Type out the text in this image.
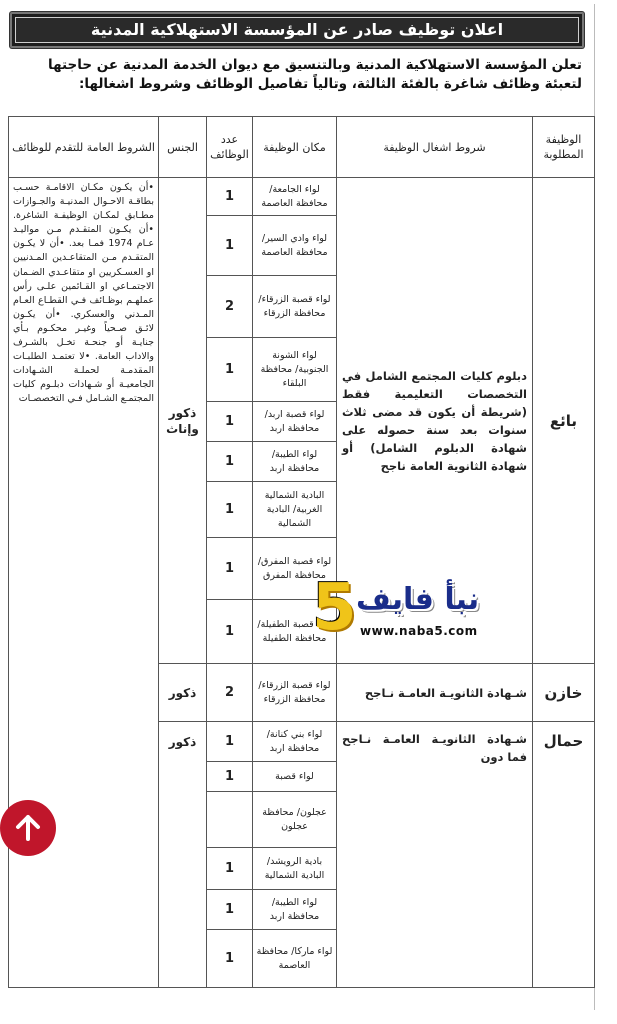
اعلان توظيف صادر عن المؤسسة الاستهلاكية المدنية
تعلن المؤسسة الاستهلاكية المدنية وبالتنسيق مع ديوان الخدمة المدنية عن حاجتها لتعبئة وظائف شاغرة بالفئة الثالثة، وتالياً تفاصيل الوظائف وشروط اشغالها:
الوظيفة المطلوبة	شروط اشغال الوظيفة	مكان الوظيفة	عدد الوظائف	الجنس	الشروط العامة للتقدم للوظائف
بائع	دبلوم كليات المجتمع الشامل في التخصصات التعليمية فقط (شريطة أن يكون قد مضى ثلاث سنوات بعد سنة حصوله على شهادة الدبلوم الشامل) أو شهادة الثانوية العامة ناجح	لواء الجامعة/ محافظة العاصمة	1	ذكور وإناث	•أن يكـون مكـان الاقامـة حسـب بطاقـة الاحـوال المدنيـة والجـوازات مطـابق لمكـان الوظيفـة الشاغرة. •أن يكـون المتقـدم مـن مواليـد عـام 1974 فمـا بعد. •أن لا يكـون المتقـدم مـن المتقاعـدين المـدنيين او العسـكريين او متقاعـدي الضـمان الاجتمـاعي او القـائمين علـى رأس عملهـم بوظـائف فـي القطـاع العـام المـدني والعسكري. •أن يكـون لائـق صـحياً وغيـر محكـوم بـأي جنايـة أو جنحـة تخـل بالشـرف والاداب العامة. •لا تعتمـد الطلبـات المقدمـة لحملـة الشـهادات الجامعيـة أو شـهادات دبلـوم كليات المجتمـع الشـامل فـي التخصصـات
		لواء وادي السير/ محافظة العاصمة	1		
		لواء قصبة الزرقاء/ محافظة الزرقاء	2		
		لواء الشونة الجنوبية/ محافظة البلقاء	1		
		لواء قصبة اربد/ محافظة اربد	1		
		لواء الطيبة/ محافظة اربد	1		
		البادية الشمالية الغربية/ البادية الشمالية	1		
		لواء قصبة المفرق/ محافظة المفرق	1		
		لواء قصبة الطفيلة/ محافظة الطفيلة	1		
خازن	شـهادة الثانويـة العامـة نـاجح	لواء قصبة الزرقاء/ محافظة الزرقاء	2	ذكور	
حمال	شـهادة الثانويـة العامـة نـاجح فما دون	لواء بني كنانة/ محافظة اربد	1	ذكور	
		لواء قصبة	1		
		عجلون/ محافظة عجلون			
		بادية الرويشد/ البادية الشمالية	1		
		لواء الطيبة/ محافظة اربد	1		
		لواء ماركا/ محافظة العاصمة	1		
5 نبأ فايف
www.naba5.com
